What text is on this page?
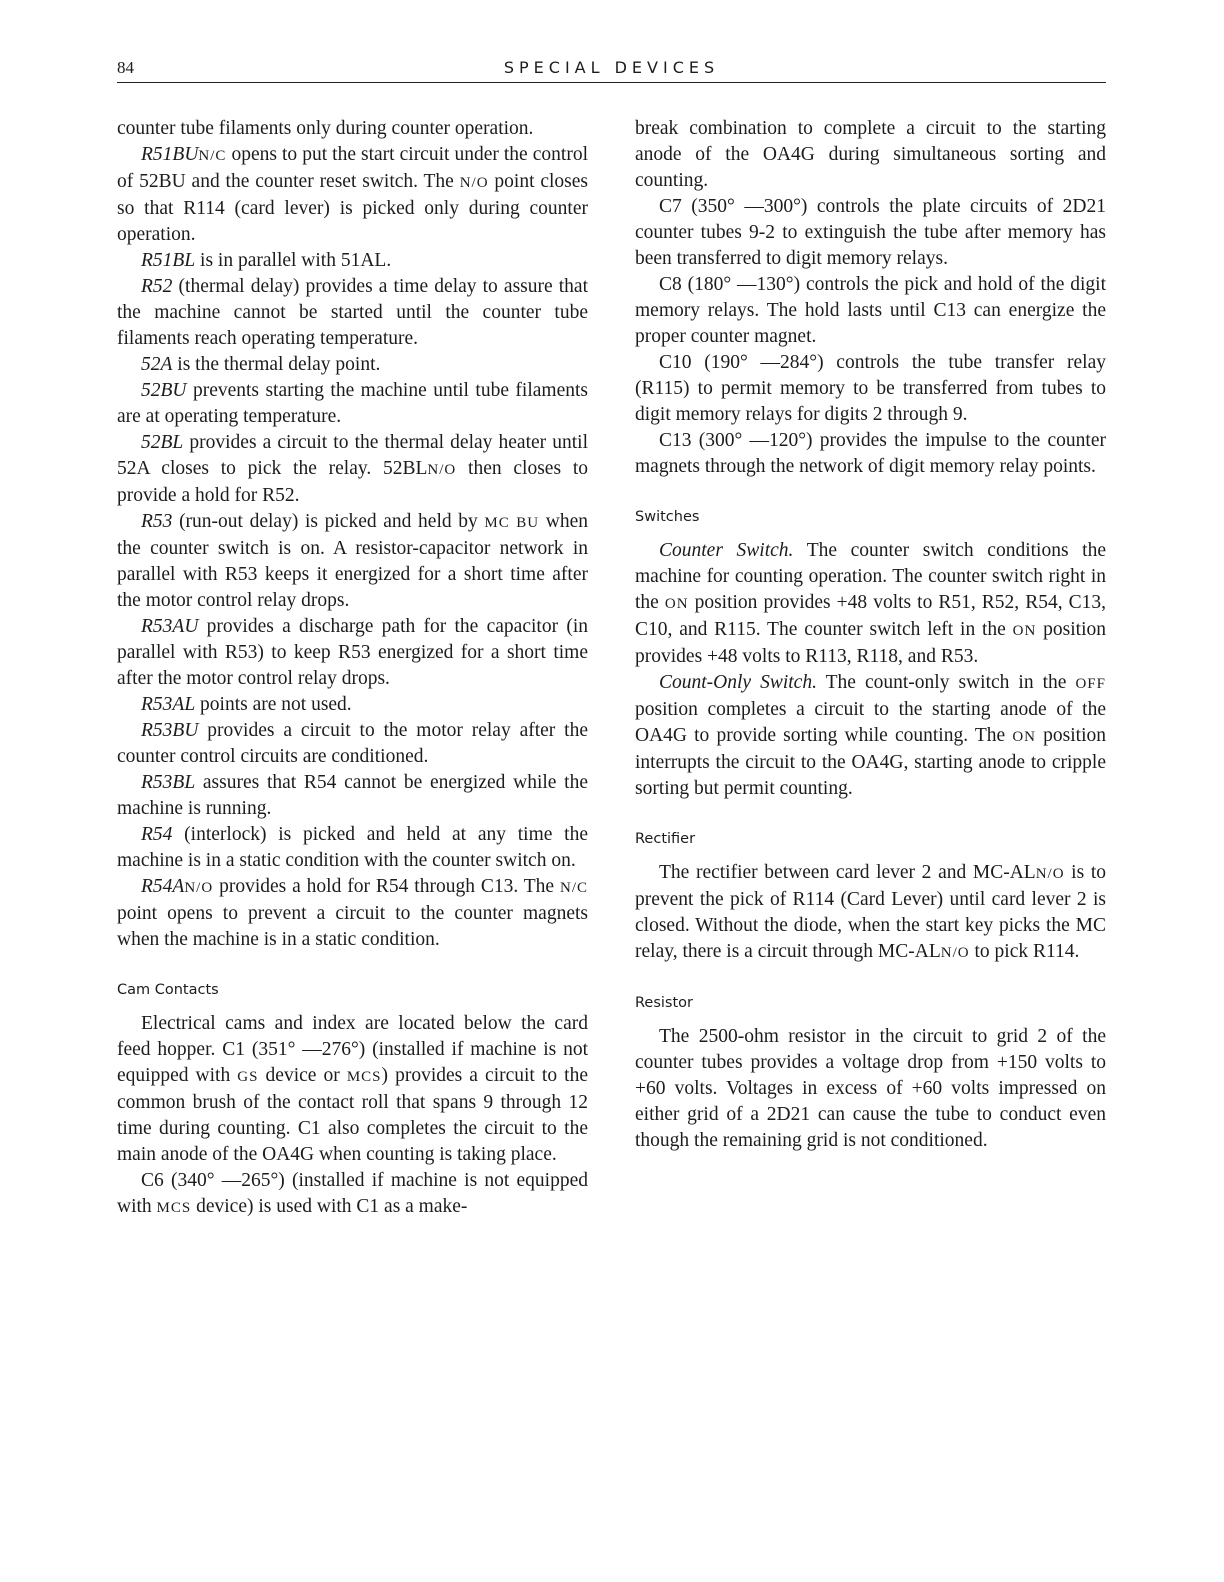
84	SPECIAL DEVICES

counter tube filaments only during counter operation.

R51BUN/C opens to put the start circuit under the control of 52BU and the counter reset switch. The N/O point closes so that R114 (card lever) is picked only during counter operation.

R51BL is in parallel with 51AL.

R52 (thermal delay) provides a time delay to assure that the machine cannot be started until the counter tube filaments reach operating temperature.

52A is the thermal delay point.

52BU prevents starting the machine until tube filaments are at operating temperature.

52BL provides a circuit to the thermal delay heater until 52A closes to pick the relay. 52BLN/O then closes to provide a hold for R52.

R53 (run-out delay) is picked and held by MC BU when the counter switch is on. A resistor-capacitor network in parallel with R53 keeps it energized for a short time after the motor control relay drops.

R53AU provides a discharge path for the capacitor (in parallel with R53) to keep R53 energized for a short time after the motor control relay drops.

R53AL points are not used.

R53BU provides a circuit to the motor relay after the counter control circuits are conditioned.

R53BL assures that R54 cannot be energized while the machine is running.

R54 (interlock) is picked and held at any time the machine is in a static condition with the counter switch on.

R54AN/O provides a hold for R54 through C13. The N/C point opens to prevent a circuit to the counter magnets when the machine is in a static condition.

Cam Contacts

Electrical cams and index are located below the card feed hopper. C1 (351° —276°) (installed if machine is not equipped with GS device or MCS) provides a circuit to the common brush of the contact roll that spans 9 through 12 time during counting. C1 also completes the circuit to the main anode of the OA4G when counting is taking place.

C6 (340° —265°) (installed if machine is not equipped with MCS device) is used with C1 as a make-

break combination to complete a circuit to the starting anode of the OA4G during simultaneous sorting and counting.

C7 (350° —300°) controls the plate circuits of 2D21 counter tubes 9-2 to extinguish the tube after memory has been transferred to digit memory relays.

C8 (180° —130°) controls the pick and hold of the digit memory relays. The hold lasts until C13 can energize the proper counter magnet.

C10 (190° —284°) controls the tube transfer relay (R115) to permit memory to be transferred from tubes to digit memory relays for digits 2 through 9.

C13 (300° —120°) provides the impulse to the counter magnets through the network of digit memory relay points.

Switches

Counter Switch. The counter switch conditions the machine for counting operation. The counter switch right in the ON position provides +48 volts to R51, R52, R54, C13, C10, and R115. The counter switch left in the ON position provides +48 volts to R113, R118, and R53.

Count-Only Switch. The count-only switch in the OFF position completes a circuit to the starting anode of the OA4G to provide sorting while counting. The ON position interrupts the circuit to the OA4G, starting anode to cripple sorting but permit counting.

Rectifier

The rectifier between card lever 2 and MC-ALN/O is to prevent the pick of R114 (Card Lever) until card lever 2 is closed. Without the diode, when the start key picks the MC relay, there is a circuit through MC-ALN/O to pick R114.

Resistor

The 2500-ohm resistor in the circuit to grid 2 of the counter tubes provides a voltage drop from +150 volts to +60 volts. Voltages in excess of +60 volts impressed on either grid of a 2D21 can cause the tube to conduct even though the remaining grid is not conditioned.
